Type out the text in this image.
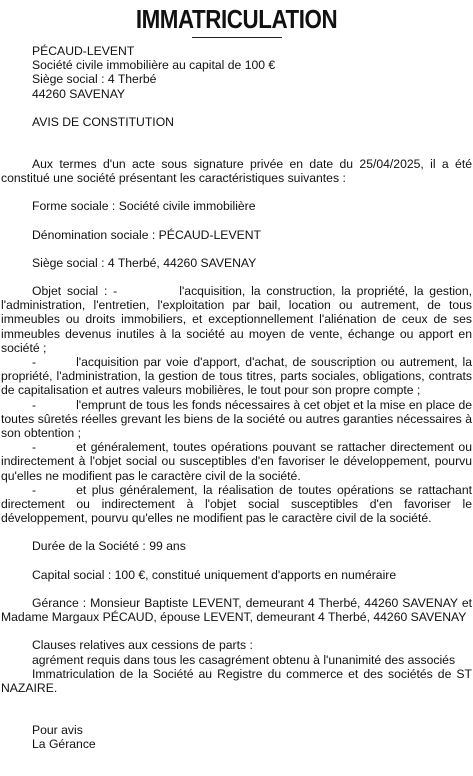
IMMATRICULATION
PÉCAUD-LEVENT
Société civile immobilière au capital de 100 €
Siège social : 4 Therbé
44260 SAVENAY
AVIS DE CONSTITUTION

Aux termes d'un acte sous signature privée en date du 25/04/2025, il a été constitué une société présentant les caractéristiques suivantes :

Forme sociale : Société civile immobilière
Dénomination sociale : PÉCAUD-LEVENT
Siège social : 4 Therbé, 44260 SAVENAY

Objet social : -	l'acquisition, la construction, la propriété, la gestion, l'administration, l'entretien, l'exploitation par bail, location ou autrement, de tous immeubles ou droits immobiliers, et exceptionnellement l'aliénation de ceux de ses immeubles devenus inutiles à la société au moyen de vente, échange ou apport en société ;

-	l'acquisition par voie d'apport, d'achat, de souscription ou autrement, la propriété, l'administration, la gestion de tous titres, parts sociales, obligations, contrats de capitalisation et autres valeurs mobilières, le tout pour son propre compte ;

-	l'emprunt de tous les fonds nécessaires à cet objet et la mise en place de toutes sûretés réelles grevant les biens de la société ou autres garanties nécessaires à son obtention ;

-	et généralement, toutes opérations pouvant se rattacher directement ou indirectement à l'objet social ou susceptibles d'en favoriser le développement, pourvu qu'elles ne modifient pas le caractère civil de la société.

-	et plus généralement, la réalisation de toutes opérations se rattachant directement ou indirectement à l'objet social susceptibles d'en favoriser le développement, pourvu qu'elles ne modifient pas le caractère civil de la société.

Durée de la Société : 99 ans
Capital social : 100 €, constitué uniquement d'apports en numéraire

Gérance : Monsieur Baptiste LEVENT, demeurant 4 Therbé, 44260 SAVENAY et Madame Margaux PÉCAUD, épouse LEVENT, demeurant 4 Therbé, 44260 SAVENAY

Clauses relatives aux cessions de parts :
agrément requis dans tous les casagrément obtenu à l'unanimité des associés

Immatriculation de la Société au Registre du commerce et des sociétés de ST NAZAIRE.

Pour avis
La Gérance
